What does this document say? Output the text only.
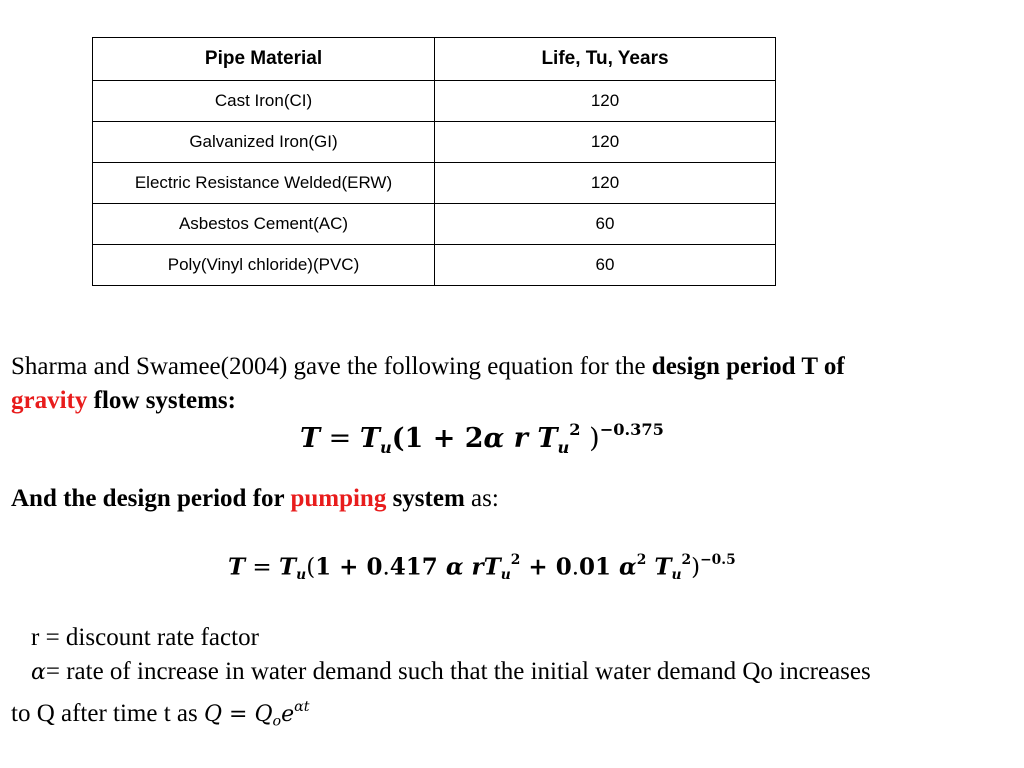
Pipe Material	Life, Tu, Years
Cast Iron(CI)	120
Galvanized Iron(GI)	120
Electric Resistance Welded(ERW)	120
Asbestos Cement(AC)	60
Poly(Vinyl chloride)(PVC)	60
Sharma and Swamee(2004) gave the following equation for the design period T of
gravity flow systems:
$T = T_u(1 + 2\alpha$ r $T_u^2$ )$^{-0.375}$
And the design period for pumping system as:
$T = T_u(1 + 0.417$ α $rT_u^2 + 0.01$ $\alpha^2$ $T_u^2)^{-0.5}$
r = discount rate factor
α= rate of increase in water demand such that the initial water demand Qo increases
to Q after time t as $Q = Q_oe^{\alpha t}$
